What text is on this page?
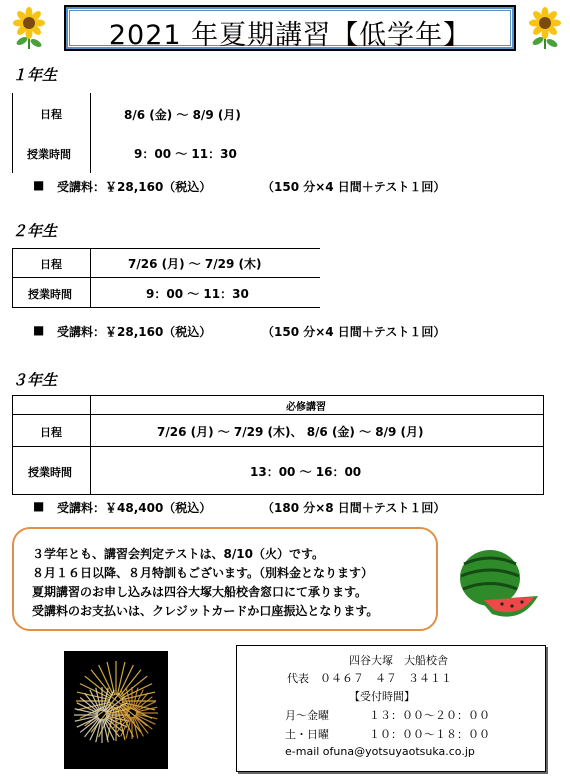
2021 年夏期講習【低学年】
１年生
日程	8/6 (金) ～ 8/9 (月)
授業時間	9：00 ～ 11：30
■ 受講料：￥28,160（税込）	（150 分×4 日間＋テスト１回）
２年生
日程	7/26 (月) ～ 7/29 (木)
授業時間	9：00 ～ 11：30
■ 受講料：￥28,160（税込）	（150 分×4 日間＋テスト１回）
３年生
必修講習
日程	7/26 (月) ～ 7/29 (木)、 8/6 (金) ～ 8/9 (月)
授業時間	13：00 ～ 16：00
■ 受講料：￥48,400（税込）	（180 分×8 日間＋テスト１回）
３学年とも、講習会判定テストは、8/10（火）です。
８月１６日以降、８月特訓もございます。（別料金となります）
夏期講習のお申し込みは四谷大塚大船校舎窓口にて承ります。
受講料のお支払いは、クレジットカードか口座振込となります。
四谷大塚　大船校舎
代表　０４６７　４７　３４１１
【受付時間】
月～金曜	１３：００～２０：００
土・日曜	１０：００～１８：００
e-mail ofuna@yotsuyaotsuka.co.jp
